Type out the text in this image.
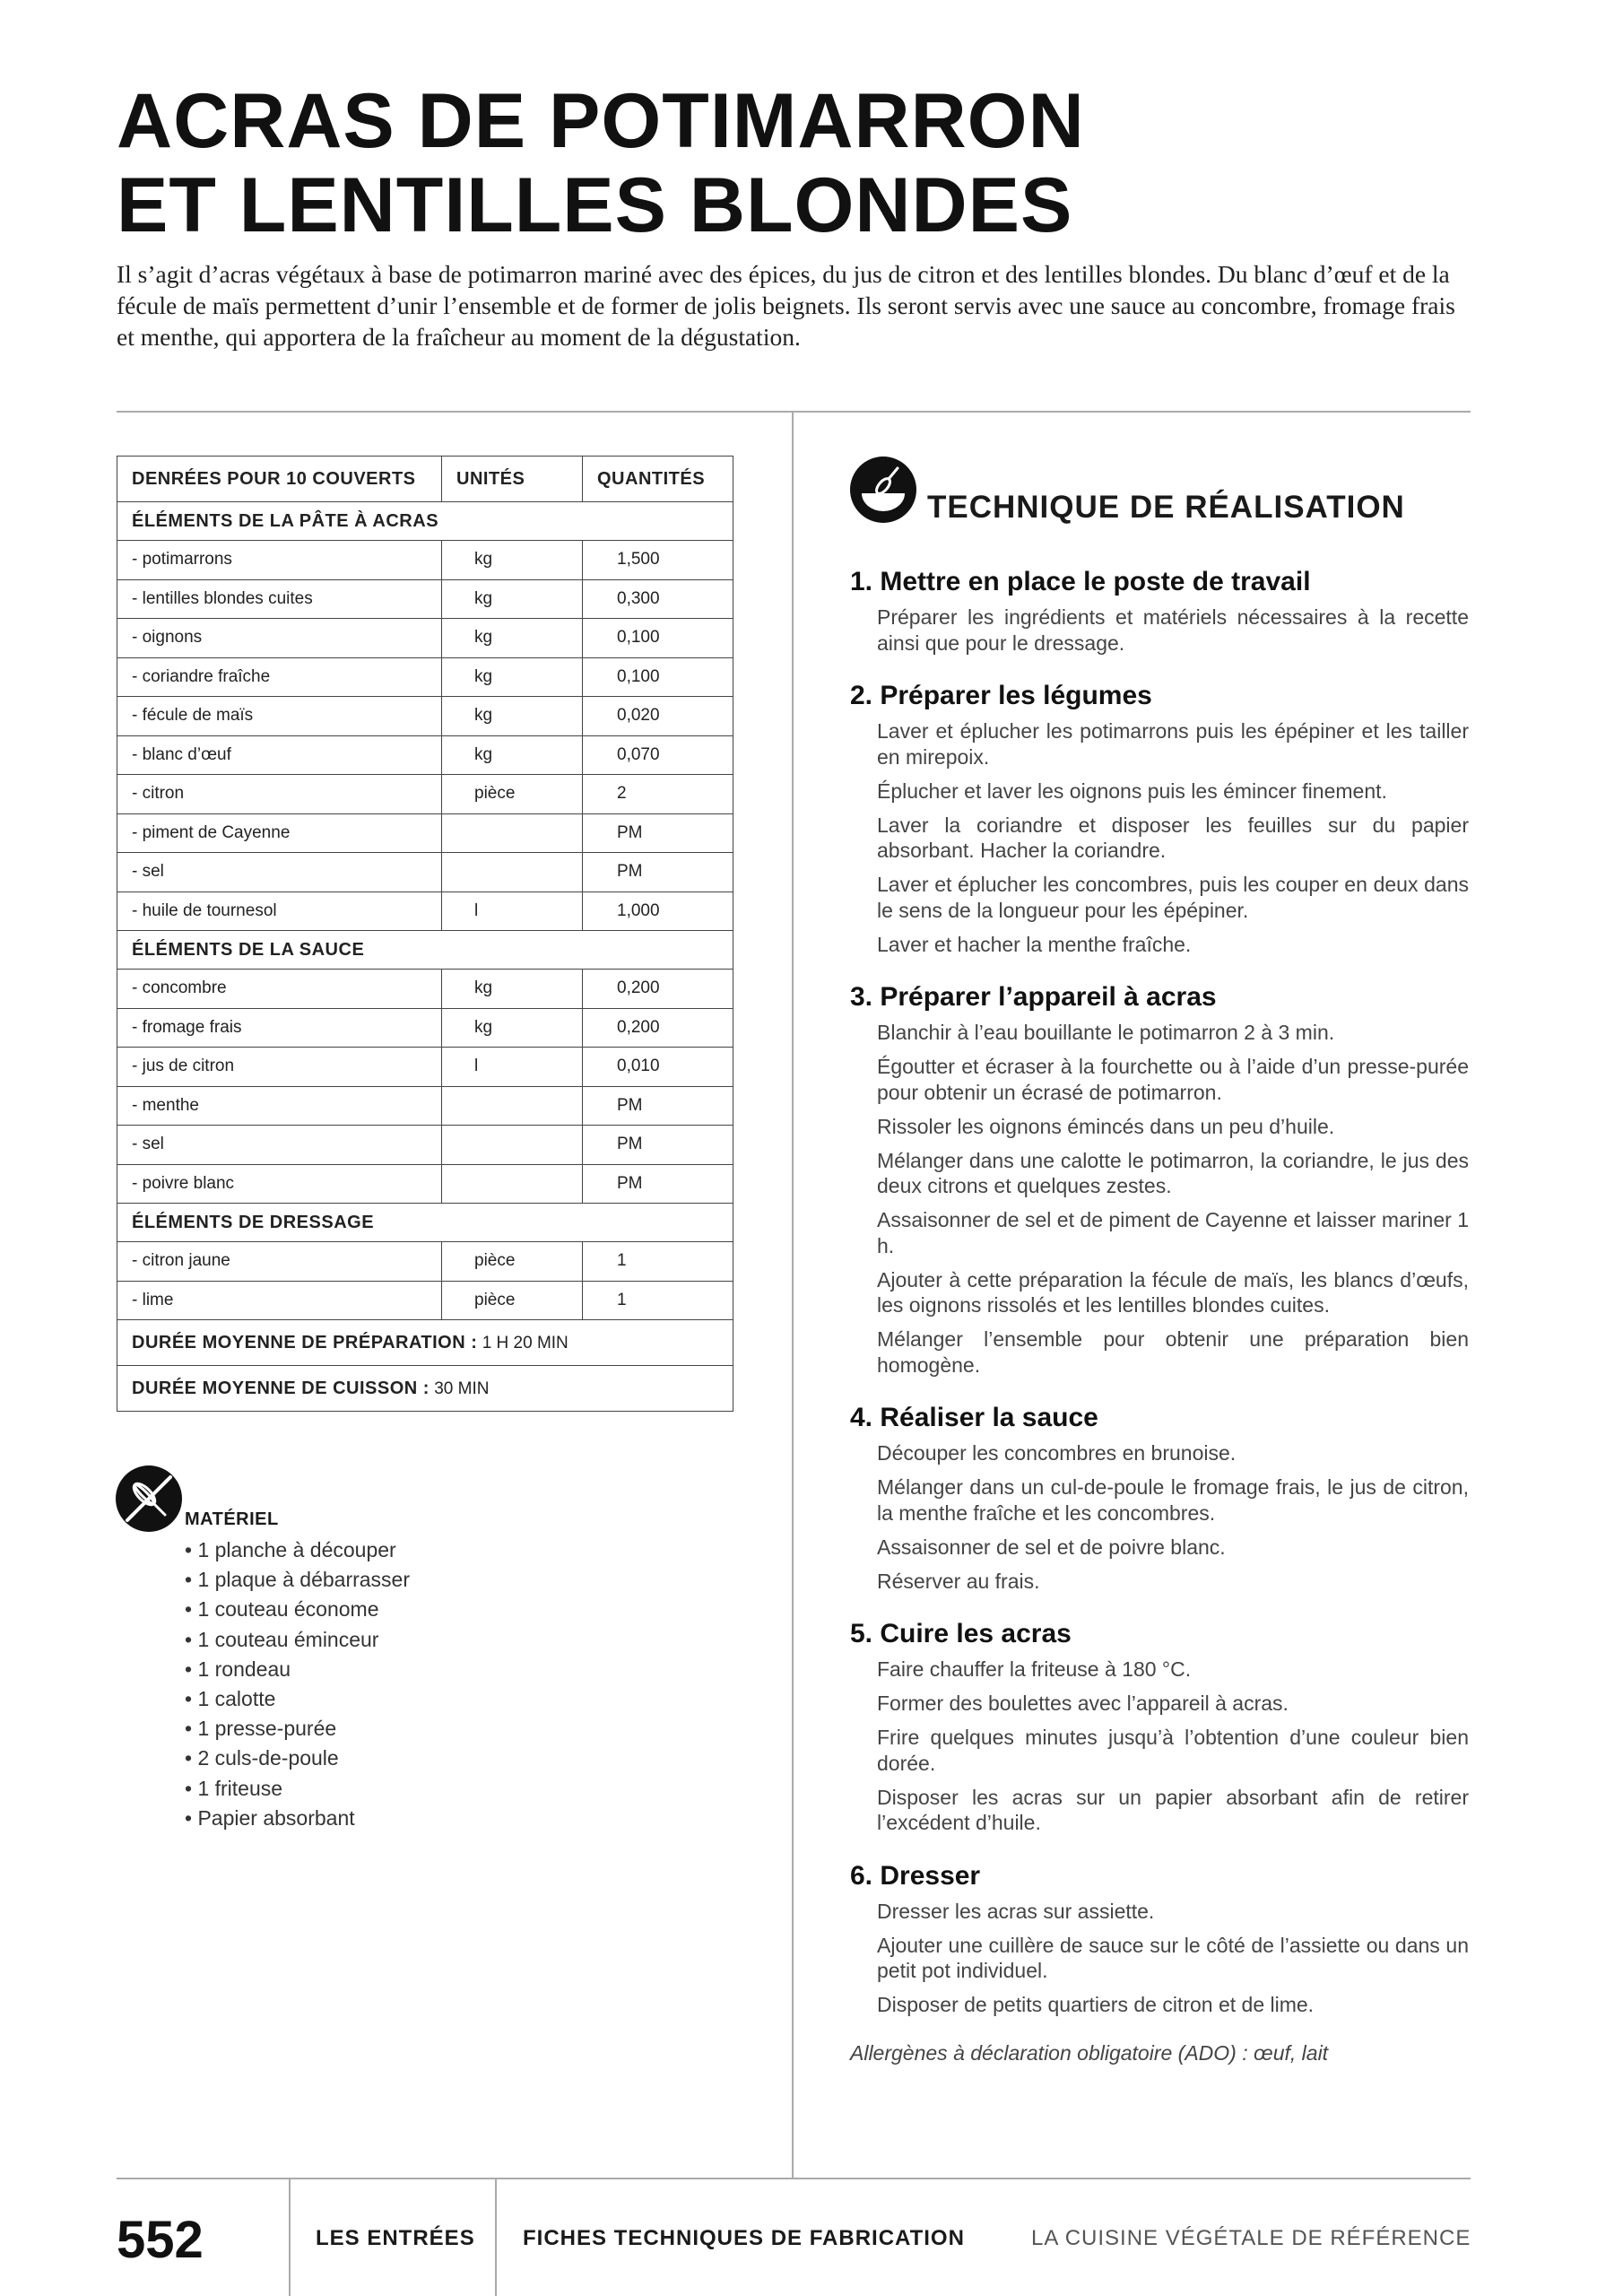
ACRAS DE POTIMARRON
ET LENTILLES BLONDES

Il s’agit d’acras végétaux à base de potimarron mariné avec des épices, du jus de citron et des lentilles blondes. Du blanc d’œuf et de la fécule de maïs permettent d’unir l’ensemble et de former de jolis beignets. Ils seront servis avec une sauce au concombre, fromage frais et menthe, qui apportera de la fraîcheur au moment de la dégustation.

DENRÉES POUR 10 COUVERTS	UNITÉS	QUANTITÉS
ÉLÉMENTS DE LA PÂTE À ACRAS		
- potimarrons	kg	1,500
- lentilles blondes cuites	kg	0,300
- oignons	kg	0,100
- coriandre fraîche	kg	0,100
- fécule de maïs	kg	0,020
- blanc d’œuf	kg	0,070
- citron	pièce	2
- piment de Cayenne		PM
- sel		PM
- huile de tournesol	l	1,000
ÉLÉMENTS DE LA SAUCE		
- concombre	kg	0,200
- fromage frais	kg	0,200
- jus de citron	l	0,010
- menthe		PM
- sel		PM
- poivre blanc		PM
ÉLÉMENTS DE DRESSAGE		
- citron jaune	pièce	1
- lime	pièce	1
DURÉE MOYENNE DE PRÉPARATION : 1 H 20 MIN		
DURÉE MOYENNE DE CUISSON : 30 MIN		

MATÉRIEL

• 1 planche à découper
• 1 plaque à débarrasser
• 1 couteau économe
• 1 couteau éminceur
• 1 rondeau
• 1 calotte
• 1 presse-purée
• 2 culs-de-poule
• 1 friteuse
• Papier absorbant
TECHNIQUE DE RÉALISATION
1. Mettre en place le poste de travail

Préparer les ingrédients et matériels nécessaires à la recette ainsi que pour le dressage.

2. Préparer les légumes

Laver et éplucher les potimarrons puis les épépiner et les tailler en mirepoix.

Éplucher et laver les oignons puis les émincer finement.

Laver la coriandre et disposer les feuilles sur du papier absorbant. Hacher la coriandre.

Laver et éplucher les concombres, puis les couper en deux dans le sens de la longueur pour les épépiner.

Laver et hacher la menthe fraîche.

3. Préparer l’appareil à acras

Blanchir à l’eau bouillante le potimarron 2 à 3 min.

Égoutter et écraser à la fourchette ou à l’aide d’un presse-purée pour obtenir un écrasé de potimarron.

Rissoler les oignons émincés dans un peu d’huile.

Mélanger dans une calotte le potimarron, la coriandre, le jus des deux citrons et quelques zestes.

Assaisonner de sel et de piment de Cayenne et laisser mariner 1 h.

Ajouter à cette préparation la fécule de maïs, les blancs d’œufs, les oignons rissolés et les lentilles blondes cuites.

Mélanger l’ensemble pour obtenir une préparation bien homogène.

4. Réaliser la sauce

Découper les concombres en brunoise.

Mélanger dans un cul-de-poule le fromage frais, le jus de citron, la menthe fraîche et les concombres.

Assaisonner de sel et de poivre blanc.

Réserver au frais.

5. Cuire les acras

Faire chauffer la friteuse à 180 °C.

Former des boulettes avec l’appareil à acras.

Frire quelques minutes jusqu’à l’obtention d’une couleur bien dorée.

Disposer les acras sur un papier absorbant afin de retirer l’excédent d’huile.

6. Dresser

Dresser les acras sur assiette.

Ajouter une cuillère de sauce sur le côté de l’assiette ou dans un petit pot individuel.

Disposer de petits quartiers de citron et de lime.

Allergènes à déclaration obligatoire (ADO) : œuf, lait

552	LES ENTRÉES FICHES TECHNIQUES DE FABRICATION	LA CUISINE VÉGÉTALE DE RÉFÉRENCE
